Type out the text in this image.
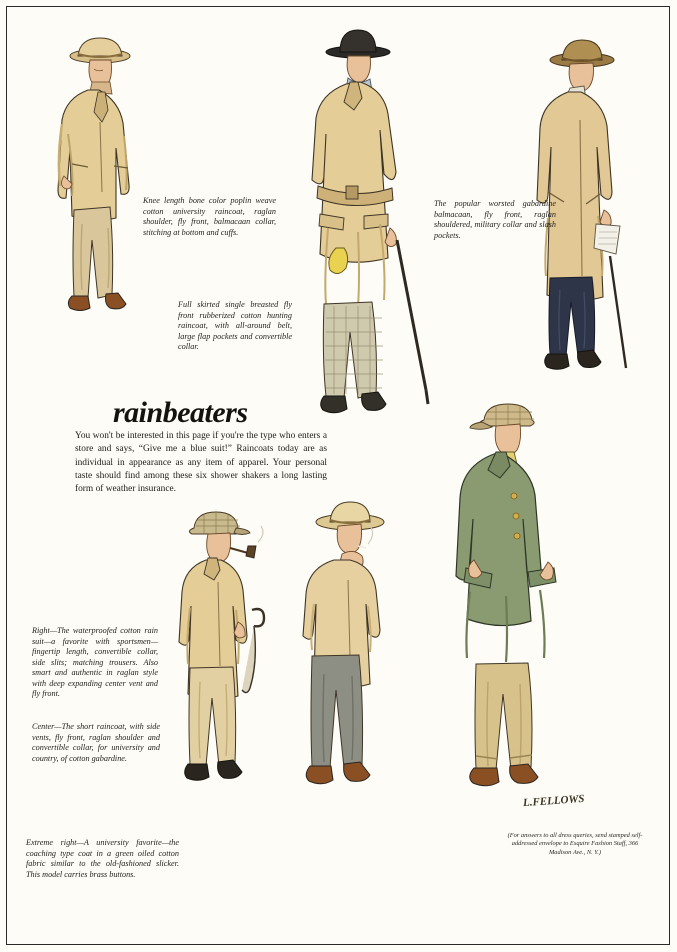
Knee length bone color poplin weave cotton university raincoat, raglan shoulder, fly front, balmacaan collar, stitching at bottom and cuffs.
Full skirted single breasted fly front rubberized cotton hunting raincoat, with all-around belt, large flap pockets and convertible collar.
The popular worsted gabardine balmacaan, fly front, raglan shouldered, military collar and slash pockets.
Right—The waterproofed cotton rain suit—a favorite with sportsmen—fingertip length, convertible collar, side slits; matching trousers. Also smart and authentic in raglan style with deep expanding center vent and fly front.
Center—The short raincoat, with side vents, fly front, raglan shoulder and convertible collar, for university and country, of cotton gabardine.
Extreme right—A university favorite—the coaching type coat in a green oiled cotton fabric similar to the old-fashioned slicker. This model carries brass buttons.
rainbeaters
You won't be interested in this page if you're the type who enters a store and says, “Give me a blue suit!” Raincoats today are as individual in appearance as any item of apparel. Your personal taste should find among these six shower shakers a long lasting form of weather insurance.
L.FELLOWS
(For answers to all dress queries, send stamped self-addressed envelope to Esquire Fashion Staff, 366 Madison Ave., N. Y.)
